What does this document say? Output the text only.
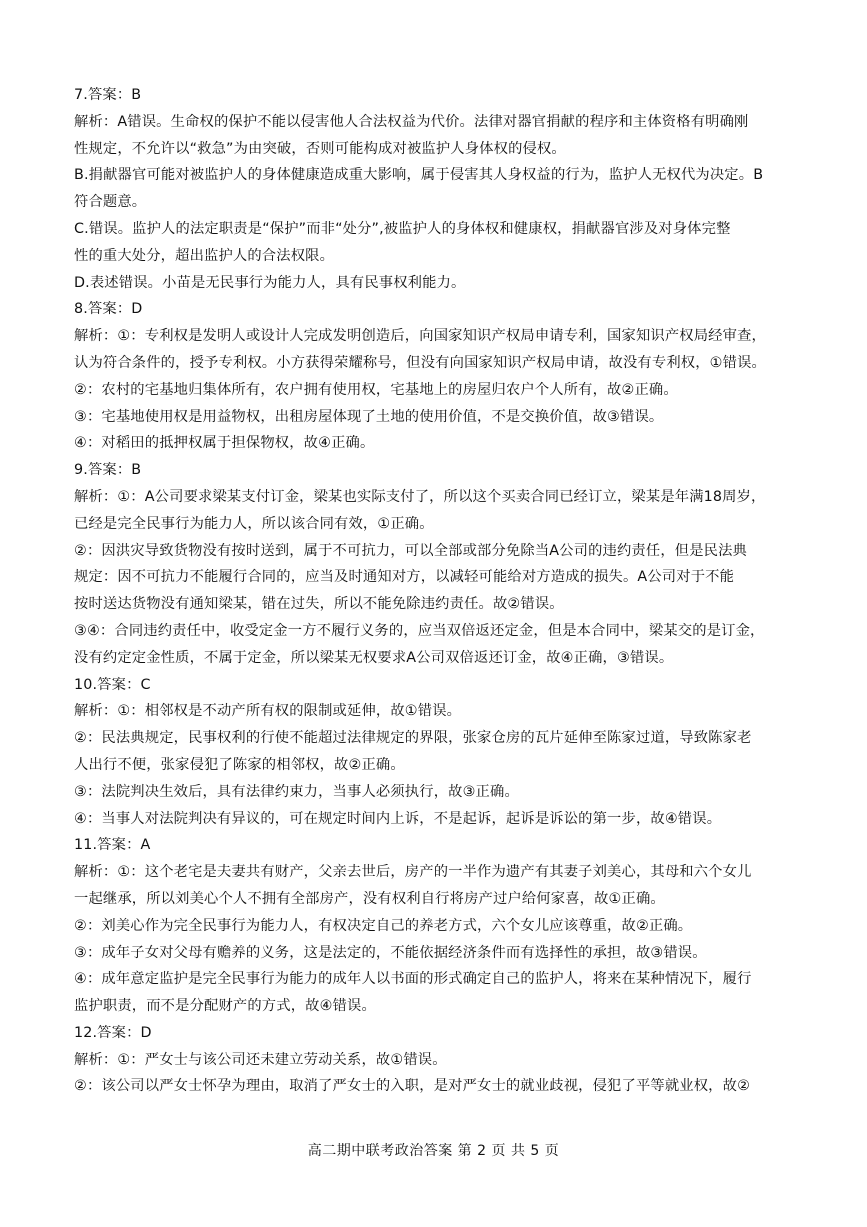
7.答案：B
解析：A错误。生命权的保护不能以侵害他人合法权益为代价。法律对器官捐献的程序和主体资格有明确刚
性规定，不允许以“救急”为由突破，否则可能构成对被监护人身体权的侵权。
B.捐献器官可能对被监护人的身体健康造成重大影响，属于侵害其人身权益的行为，监护人无权代为决定。B
符合题意。
C.错误。监护人的法定职责是“保护”而非“处分”,被监护人的身体权和健康权，捐献器官涉及对身体完整
性的重大处分，超出监护人的合法权限。
D.表述错误。小苗是无民事行为能力人，具有民事权利能力。
8.答案：D
解析：①：专利权是发明人或设计人完成发明创造后，向国家知识产权局申请专利，国家知识产权局经审查，
认为符合条件的，授予专利权。小方获得荣耀称号，但没有向国家知识产权局申请，故没有专利权，①错误。
②：农村的宅基地归集体所有，农户拥有使用权，宅基地上的房屋归农户个人所有，故②正确。
③：宅基地使用权是用益物权，出租房屋体现了土地的使用价值，不是交换价值，故③错误。
④：对稻田的抵押权属于担保物权，故④正确。
9.答案：B
解析：①：A公司要求梁某支付订金，梁某也实际支付了，所以这个买卖合同已经订立，梁某是年满18周岁，
已经是完全民事行为能力人，所以该合同有效，①正确。
②：因洪灾导致货物没有按时送到，属于不可抗力，可以全部或部分免除当A公司的违约责任，但是民法典
规定：因不可抗力不能履行合同的，应当及时通知对方，以减轻可能给对方造成的损失。A公司对于不能
按时送达货物没有通知梁某，错在过失，所以不能免除违约责任。故②错误。
③④：合同违约责任中，收受定金一方不履行义务的，应当双倍返还定金，但是本合同中，梁某交的是订金，
没有约定定金性质，不属于定金，所以梁某无权要求A公司双倍返还订金，故④正确，③错误。
10.答案：C
解析：①：相邻权是不动产所有权的限制或延伸，故①错误。
②：民法典规定，民事权利的行使不能超过法律规定的界限，张家仓房的瓦片延伸至陈家过道，导致陈家老
人出行不便，张家侵犯了陈家的相邻权，故②正确。
③：法院判决生效后，具有法律约束力，当事人必须执行，故③正确。
④：当事人对法院判决有异议的，可在规定时间内上诉，不是起诉，起诉是诉讼的第一步，故④错误。
11.答案：A
解析：①：这个老宅是夫妻共有财产，父亲去世后，房产的一半作为遗产有其妻子刘美心，其母和六个女儿
一起继承，所以刘美心个人不拥有全部房产，没有权利自行将房产过户给何家喜，故①正确。
②：刘美心作为完全民事行为能力人，有权决定自己的养老方式，六个女儿应该尊重，故②正确。
③：成年子女对父母有赡养的义务，这是法定的，不能依据经济条件而有选择性的承担，故③错误。
④：成年意定监护是完全民事行为能力的成年人以书面的形式确定自己的监护人，将来在某种情况下，履行
监护职责，而不是分配财产的方式，故④错误。
12.答案：D
解析：①：严女士与该公司还未建立劳动关系，故①错误。
②：该公司以严女士怀孕为理由，取消了严女士的入职，是对严女士的就业歧视，侵犯了平等就业权，故②
高二期中联考政治答案 第 2 页 共 5 页
